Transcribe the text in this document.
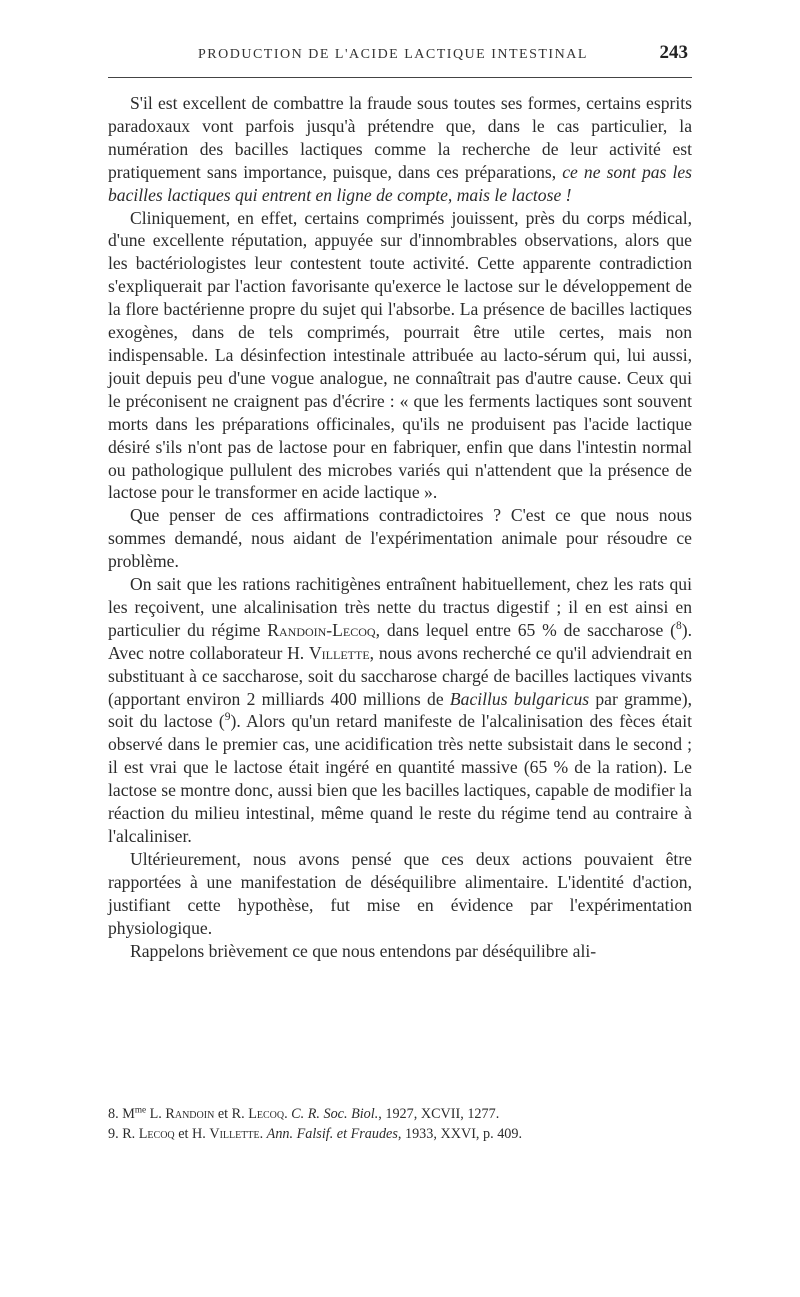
PRODUCTION DE L'ACIDE LACTIQUE INTESTINAL	243

S'il est excellent de combattre la fraude sous toutes ses formes, certains esprits paradoxaux vont parfois jusqu'à prétendre que, dans le cas particulier, la numération des bacilles lactiques comme la recherche de leur activité est pratiquement sans importance, puisque, dans ces préparations, ce ne sont pas les bacilles lactiques qui entrent en ligne de compte, mais le lactose !

Cliniquement, en effet, certains comprimés jouissent, près du corps médical, d'une excellente réputation, appuyée sur d'innombrables observations, alors que les bactériologistes leur contestent toute activité. Cette apparente contradiction s'expliquerait par l'action favorisante qu'exerce le lactose sur le développement de la flore bactérienne propre du sujet qui l'absorbe. La présence de bacilles lactiques exogènes, dans de tels comprimés, pourrait être utile certes, mais non indispensable. La désinfection intestinale attribuée au lacto-sérum qui, lui aussi, jouit depuis peu d'une vogue analogue, ne connaîtrait pas d'autre cause. Ceux qui le préconisent ne craignent pas d'écrire : « que les ferments lactiques sont souvent morts dans les préparations officinales, qu'ils ne produisent pas l'acide lactique désiré s'ils n'ont pas de lactose pour en fabriquer, enfin que dans l'intestin normal ou pathologique pullulent des microbes variés qui n'attendent que la présence de lactose pour le transformer en acide lactique ».

Que penser de ces affirmations contradictoires ? C'est ce que nous nous sommes demandé, nous aidant de l'expérimentation animale pour résoudre ce problème.

On sait que les rations rachitigènes entraînent habituellement, chez les rats qui les reçoivent, une alcalinisation très nette du tractus digestif ; il en est ainsi en particulier du régime Randoin-Lecoq, dans lequel entre 65 % de saccharose ($^8$). Avec notre collaborateur H. Villette, nous avons recherché ce qu'il adviendrait en substituant à ce saccharose, soit du saccharose chargé de bacilles lactiques vivants (apportant environ 2 milliards 400 millions de Bacillus bulgaricus par gramme), soit du lactose ($^9$). Alors qu'un retard manifeste de l'alcalinisation des fèces était observé dans le premier cas, une acidification très nette subsistait dans le second ; il est vrai que le lactose était ingéré en quantité massive (65 % de la ration). Le lactose se montre donc, aussi bien que les bacilles lactiques, capable de modifier la réaction du milieu intestinal, même quand le reste du régime tend au contraire à l'alcaliniser.

Ultérieurement, nous avons pensé que ces deux actions pouvaient être rapportées à une manifestation de déséquilibre alimentaire. L'identité d'action, justifiant cette hypothèse, fut mise en évidence par l'expérimentation physiologique.

Rappelons brièvement ce que nous entendons par déséquilibre ali-

8. $M^{me}$ L. Randoin et R. Lecoq. C. R. Soc. Biol., 1927, XCVII, 1277.

9. R. Lecoq et H. Villette. Ann. Falsif. et Fraudes, 1933, XXVI, p. 409.
